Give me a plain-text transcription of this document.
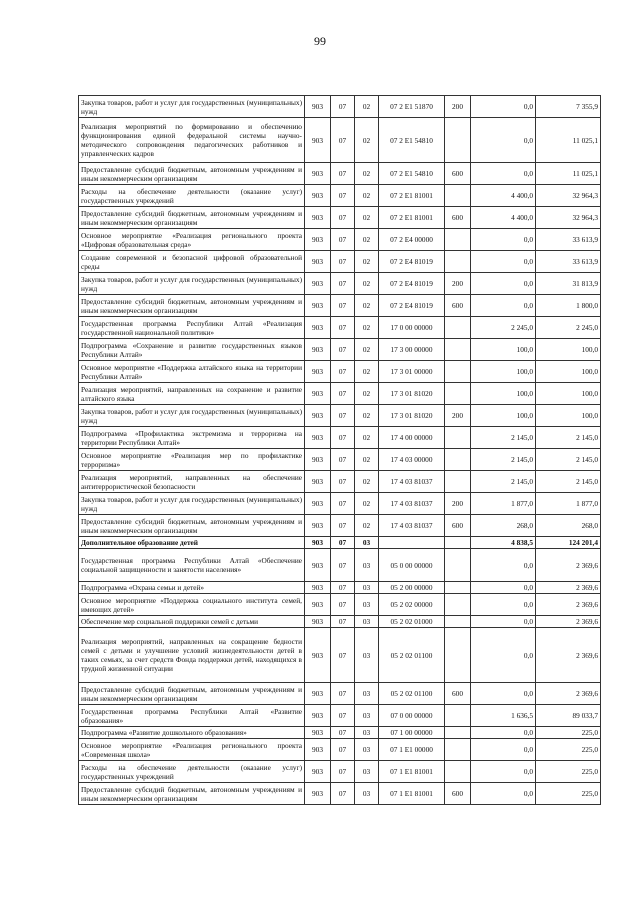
99
Закупка товаров, работ и услуг для государственных (муниципальных) нужд	903	07	02	07 2 E1 51870	200	0,0	7 355,9
Реализация мероприятий по формированию и обеспечению функционирования единой федеральной системы научно-методического сопровождения педагогических работников и управленческих кадров	903	07	02	07 2 E1 54810		0,0	11 025,1
Предоставление субсидий бюджетным, автономным учреждениям и иным некоммерческим организациям	903	07	02	07 2 E1 54810	600	0,0	11 025,1
Расходы на обеспечение деятельности (оказание услуг) государственных учреждений	903	07	02	07 2 E1 81001		4 400,0	32 964,3
Предоставление субсидий бюджетным, автономным учреждениям и иным некоммерческим организациям	903	07	02	07 2 E1 81001	600	4 400,0	32 964,3
Основное мероприятие «Реализация регионального проекта «Цифровая образовательная среда»	903	07	02	07 2 E4 00000		0,0	33 613,9
Создание современной и безопасной цифровой образовательной среды	903	07	02	07 2 E4 81019		0,0	33 613,9
Закупка товаров, работ и услуг для государственных (муниципальных) нужд	903	07	02	07 2 E4 81019	200	0,0	31 813,9
Предоставление субсидий бюджетным, автономным учреждениям и иным некоммерческим организациям	903	07	02	07 2 E4 81019	600	0,0	1 800,0
Государственная программа Республики Алтай «Реализация государственной национальной политики»	903	07	02	17 0 00 00000		2 245,0	2 245,0
Подпрограмма «Сохранение и развитие государственных языков Республики Алтай»	903	07	02	17 3 00 00000		100,0	100,0
Основное мероприятие «Поддержка алтайского языка на территории Республики Алтай»	903	07	02	17 3 01 00000		100,0	100,0
Реализация мероприятий, направленных на сохранение и развитие алтайского языка	903	07	02	17 3 01 81020		100,0	100,0
Закупка товаров, работ и услуг для государственных (муниципальных) нужд	903	07	02	17 3 01 81020	200	100,0	100,0
Подпрограмма «Профилактика экстремизма и терроризма на территории Республики Алтай»	903	07	02	17 4 00 00000		2 145,0	2 145,0
Основное мероприятие «Реализация мер по профилактике терроризма»	903	07	02	17 4 03 00000		2 145,0	2 145,0
Реализация мероприятий, направленных на обеспечение антитеррористической безопасности	903	07	02	17 4 03 81037		2 145,0	2 145,0
Закупка товаров, работ и услуг для государственных (муниципальных) нужд	903	07	02	17 4 03 81037	200	1 877,0	1 877,0
Предоставление субсидий бюджетным, автономным учреждениям и иным некоммерческим организациям	903	07	02	17 4 03 81037	600	268,0	268,0
Дополнительное образование детей	903	07	03			4 838,5	124 201,4
Государственная программа Республики Алтай «Обеспечение социальной защищенности и занятости населения»	903	07	03	05 0 00 00000		0,0	2 369,6
Подпрограмма «Охрана семьи и детей»	903	07	03	05 2 00 00000		0,0	2 369,6
Основное мероприятие «Поддержка социального института семей, имеющих детей»	903	07	03	05 2 02 00000		0,0	2 369,6
Обеспечение мер социальной поддержки семей с детьми	903	07	03	05 2 02 01000		0,0	2 369,6
Реализация мероприятий, направленных на сокращение бедности семей с детьми и улучшение условий жизнедеятельности детей в таких семьях, за счет средств Фонда поддержки детей, находящихся в трудной жизненной ситуации	903	07	03	05 2 02 01100		0,0	2 369,6
Предоставление субсидий бюджетным, автономным учреждениям и иным некоммерческим организациям	903	07	03	05 2 02 01100	600	0,0	2 369,6
Государственная программа Республики Алтай «Развитие образования»	903	07	03	07 0 00 00000		1 636,5	89 033,7
Подпрограмма «Развитие дошкольного образования»	903	07	03	07 1 00 00000		0,0	225,0
Основное мероприятие «Реализация регионального проекта «Современная школа»	903	07	03	07 1 E1 00000		0,0	225,0
Расходы на обеспечение деятельности (оказание услуг) государственных учреждений	903	07	03	07 1 E1 81001		0,0	225,0
Предоставление субсидий бюджетным, автономным учреждениям и иным некоммерческим организациям	903	07	03	07 1 E1 81001	600	0,0	225,0
